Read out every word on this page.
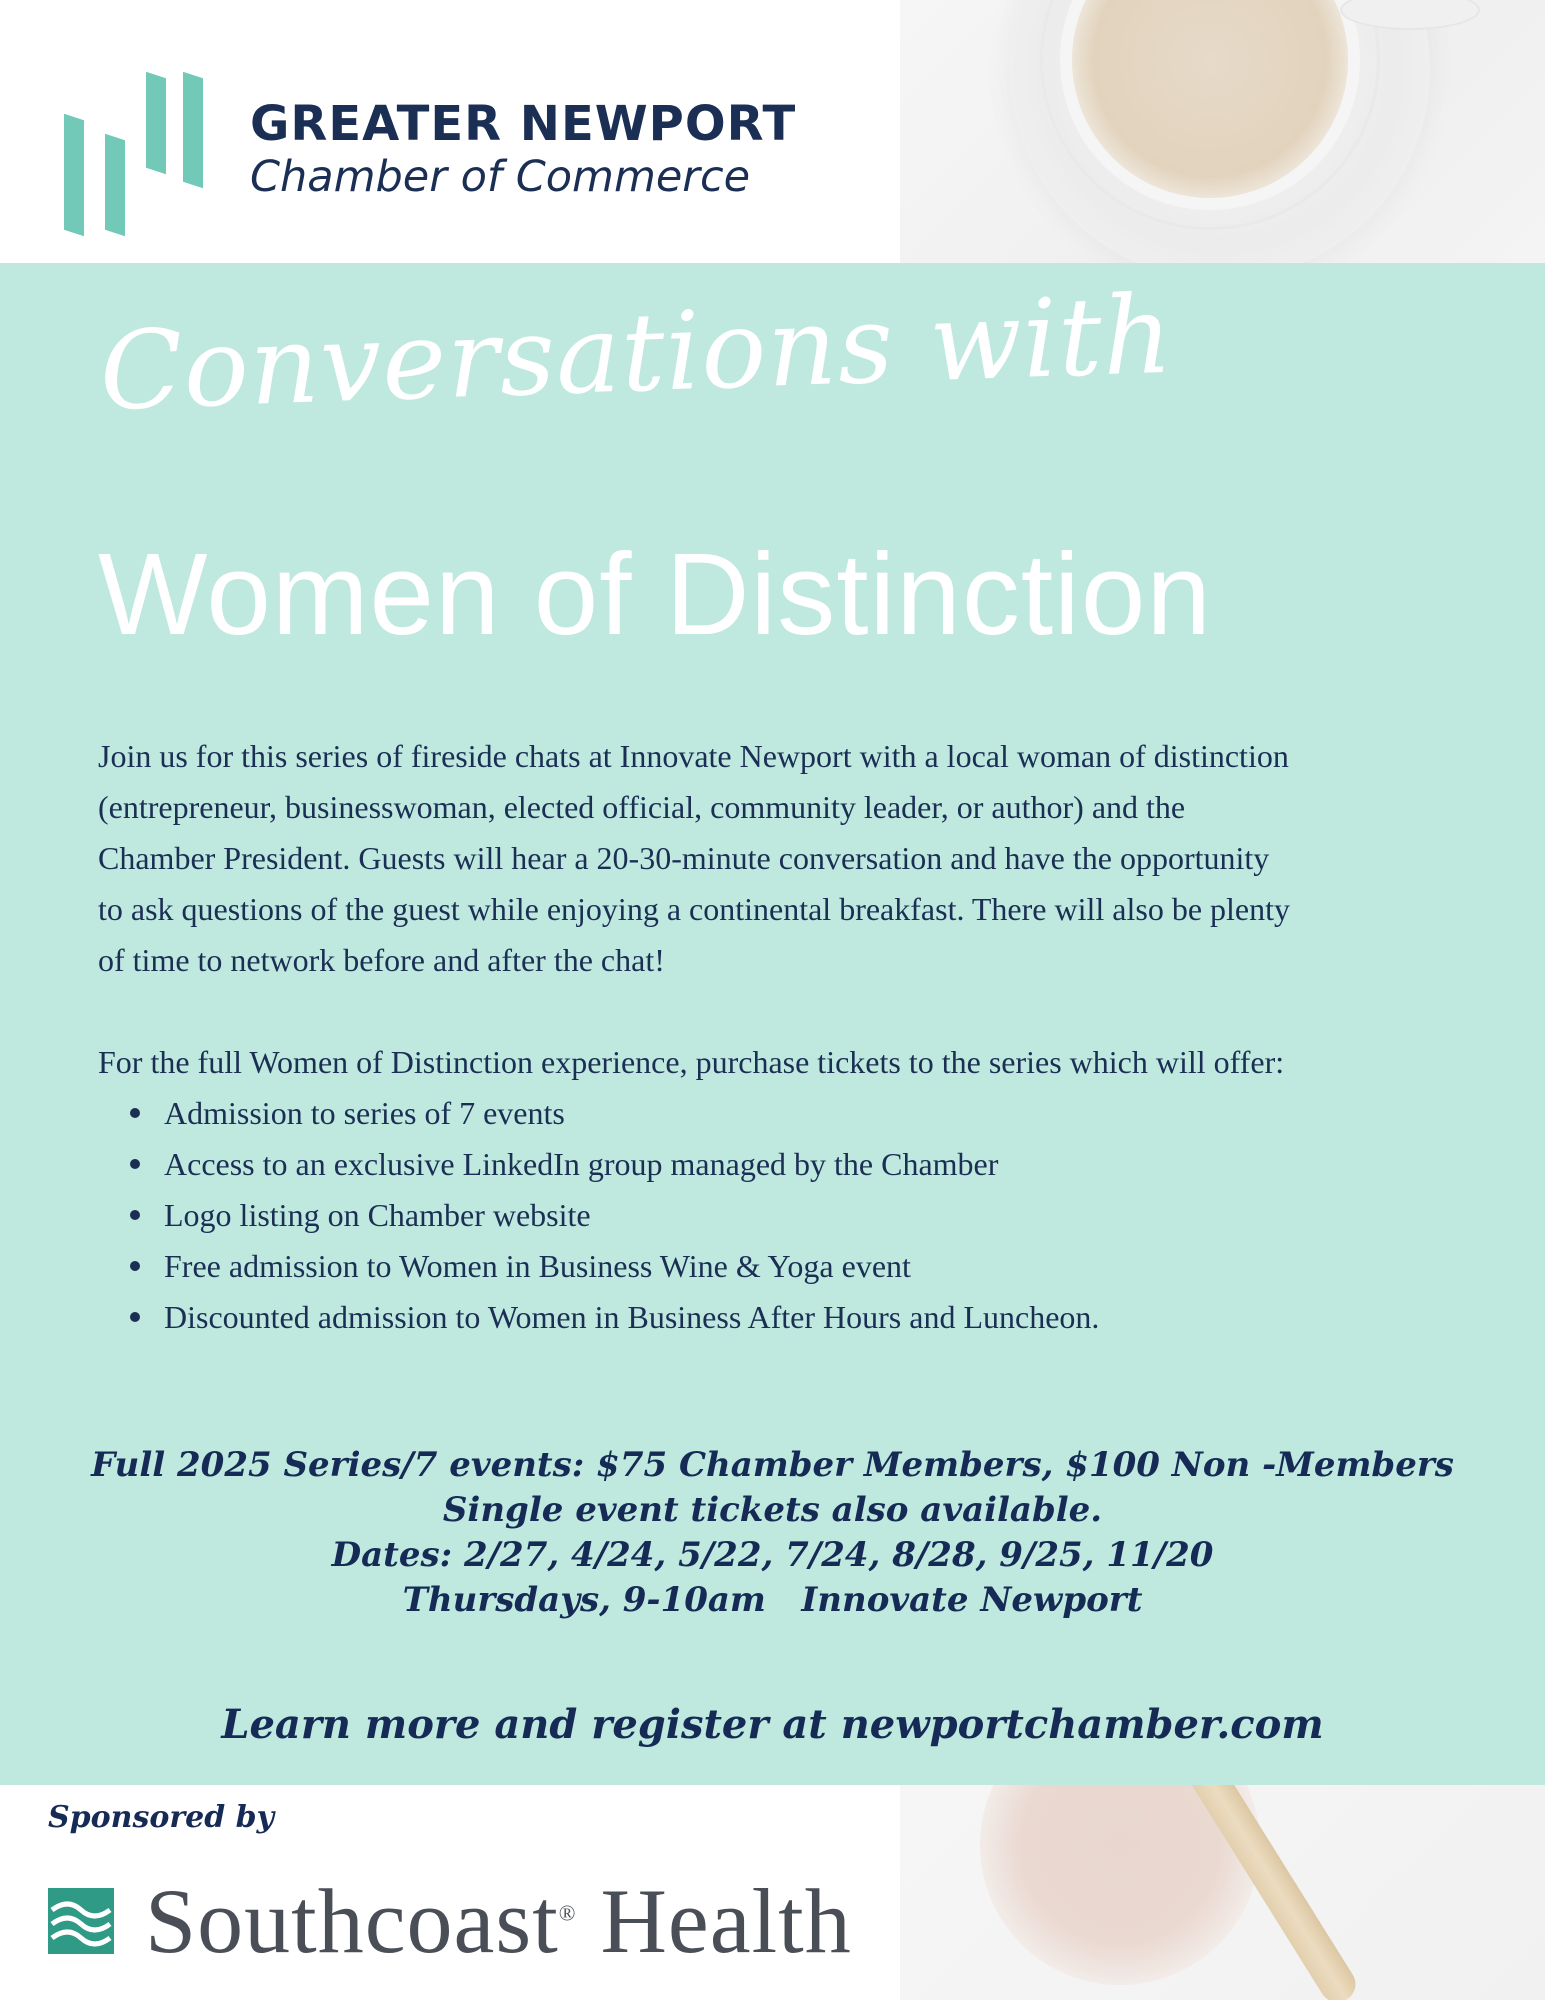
GREATER NEWPORT
Chamber of Commerce
Conversations with
Women of Distinction
Join us for this series of fireside chats at Innovate Newport with a local woman of distinction
(entrepreneur, businesswoman, elected official, community leader, or author) and the
Chamber President. Guests will hear a 20-30-minute conversation and have the opportunity
to ask questions of the guest while enjoying a continental breakfast. There will also be plenty
of time to network before and after the chat!
For the full Women of Distinction experience, purchase tickets to the series which will offer:
Admission to series of 7 events
Access to an exclusive LinkedIn group managed by the Chamber
Logo listing on Chamber website
Free admission to Women in Business Wine & Yoga event
Discounted admission to Women in Business After Hours and Luncheon.
Full 2025 Series/7 events: $75 Chamber Members, $100 Non -Members
Single event tickets also available.
Dates: 2/27, 4/24, 5/22, 7/24, 8/28, 9/25, 11/20
Thursdays, 9-10am   Innovate Newport
Learn more and register at newportchamber.com
Sponsored by
Southcoast® Health
